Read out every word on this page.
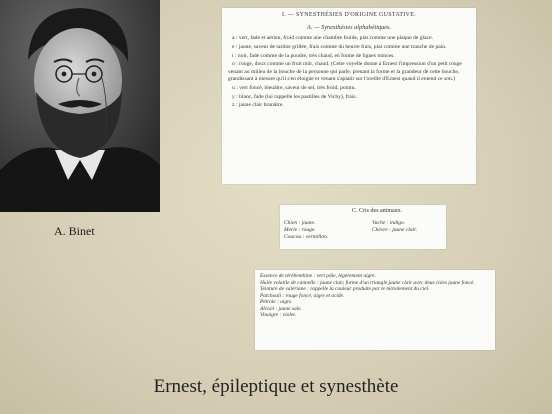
A. Binet
I. — SYNESTHÉSIES D'ORIGINE GUSTATIVE.
A. — Synesthésies alphabétiques.

a : vert, fade et aérien, froid comme une chambre froide, plat comme une plaque de glace.

e : jaune, saveur de tartine grillée, frais comme du beurre frais, plat comme une tranche de pain.

i : noir, fade comme de la poudre, très chaud, en forme de lignes minces.

o : rouge, doux comme un fruit mûr, chaud. (Cette voyelle donne à Ernest l'impression d'un petit rouge venant au milieu de la bouche de la personne qui parle, prenant la forme et la grandeur de cette bouche, grandissant à mesure qu'il s'en éloigne et venant s'aplatir sur l'oreille d'Ernest quand il entend ce son.)

u : vert foncé, bleuâtre, saveur de sel, très froid, pointu.

y : blanc, fade (lui rappelle les pastilles de Vichy), frais.

z : jaune clair brunâtre.

C. Cris des animaux.
Chien : jaune.
Merle : rouge.
Coucou : vermillon.
Vache : indigo.
Chèvre : jaune clair.

Essence de térébenthine : vert pâle, légèrement aigre.

Huile volatile de cannelle : jaune clair, forme d'un triangle jaune clair avec deux raies jaune foncé.

Teinture de valériane : rappelle la couleur produite par le miroitement du ciel.

Patchouli : rouge foncé, aigre et acide.

Pétrole : aigre.

Alcool : jaune sale.

Vinaigre : violet.

Ernest, épileptique et synesthète
